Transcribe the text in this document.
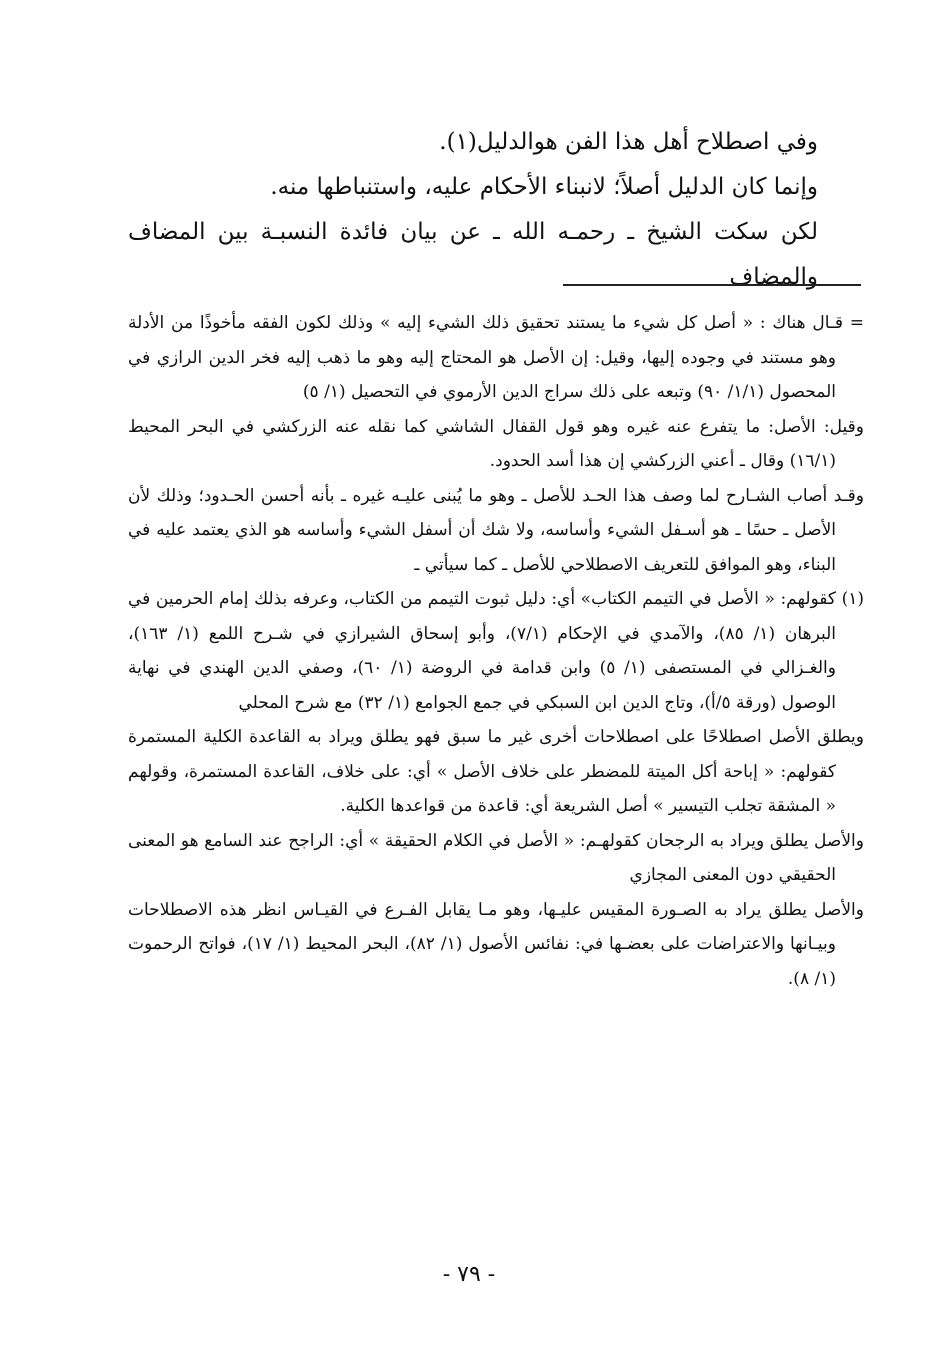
وفي اصطلاح أهل هذا الفن هوالدليل(١).

وإنما كان الدليل أصلاً؛ لانبناء الأحكام عليه، واستنباطها منه.

لكن سكت الشيخ ـ رحمـه الله ـ عن بيان فائدة النسبـة بين المضاف والمضاف

= قـال هناك : « أصل كل شيء ما يستند تحقيق ذلك الشيء إليه » وذلك لكون الفقه مأخوذًا من الأدلة وهو مستند في وجوده إليها، وقيل: إن الأصل هو المحتاج إليه وهو ما ذهب إليه فخر الدين الرازي في المحصول (١/١/ ٩٠) وتبعه على ذلك سراج الدين الأرموي في التحصيل (١/ ٥)

وقيل: الأصل: ما يتفرع عنه غيره وهو قول القفال الشاشي كما نقله عنه الزركشي في البحر المحيط (١٦/١) وقال ـ أعني الزركشي إن هذا أسد الحدود.

وقـد أصاب الشـارح لما وصف هذا الحـد للأصل ـ وهو ما يُبنى عليـه غيره ـ بأنه أحسن الحـدود؛ وذلك لأن الأصل ـ حسًا ـ هو أسـفل الشيء وأساسه، ولا شك أن أسفل الشيء وأساسه هو الذي يعتمد عليه في البناء، وهو الموافق للتعريف الاصطلاحي للأصل ـ كما سيأتي ـ

(١) كقولهم: « الأصل في التيمم الكتاب» أي: دليل ثبوت التيمم من الكتاب، وعرفه بذلك إمام الحرمين في البرهان (١/ ٨٥)، والآمدي في الإحكام (٧/١)، وأبو إسحاق الشيرازي في شـرح اللمع (١/ ١٦٣)، والغـزالي في المستصفى (١/ ٥) وابن قدامة في الروضة (١/ ٦٠)، وصفي الدين الهندي في نهاية الوصول (ورقة ٥/أ)، وتاج الدين ابن السبكي في جمع الجوامع (١/ ٣٢) مع شرح المحلي

ويطلق الأصل اصطلاحًا على اصطلاحات أخرى غير ما سبق فهو يطلق ويراد به القاعدة الكلية المستمرة كقولهم: « إباحة أكل الميتة للمضطر على خلاف الأصل » أي: على خلاف، القاعدة المستمرة، وقولهم « المشقة تجلب التيسير » أصل الشريعة أي: قاعدة من قواعدها الكلية.

والأصل يطلق ويراد به الرجحان كقولهـم: « الأصل في الكلام الحقيقة » أي: الراجح عند السامع هو المعنى الحقيقي دون المعنى المجازي

والأصل يطلق يراد به الصـورة المقيس عليـها، وهو مـا يقابل الفـرع في القيـاس انظر هذه الاصطلاحات وبيـانها والاعتراضات على بعضـها في: نفائس الأصول (١/ ٨٢)، البحر المحيط (١/ ١٧)، فواتح الرحموت (١/ ٨).

- ٧٩ -
